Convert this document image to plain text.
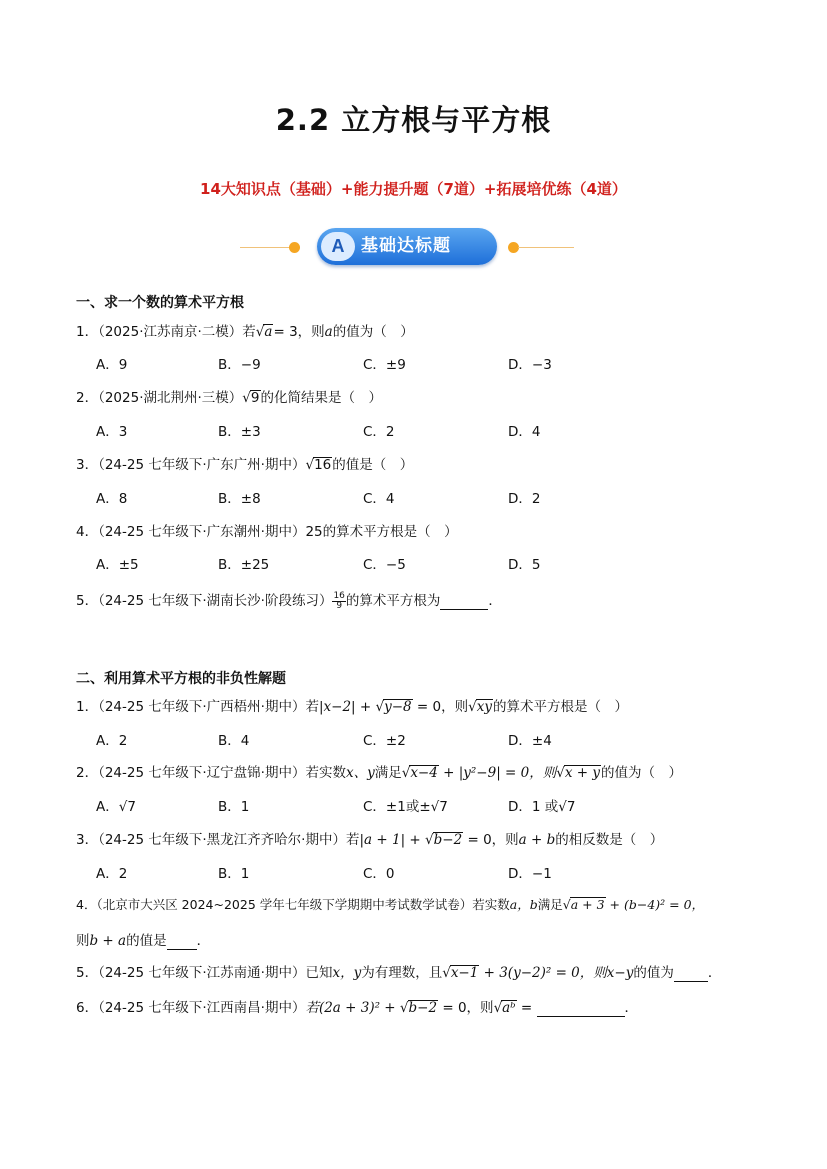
2.2 立方根与平方根
14大知识点（基础）+能力提升题（7道）+拓展培优练（4道）
A 基础达标题
一、求一个数的算术平方根
1．（2025·江苏南京·二模）若√a= 3，则a的值为（　）
A．9	B．−9	C．±9	D．−3
2．（2025·湖北荆州·三模）√9的化简结果是（　）
A．3	B．±3	C．2	D．4
3．（24-25 七年级下·广东广州·期中）√16的值是（　）
A．8	B．±8	C．4	D．2
4．（24-25 七年级下·广东潮州·期中）25的算术平方根是（　）
A．±5	B．±25	C．−5	D．5
5．（24-25 七年级下·湖南长沙·阶段练习） $\frac{16}{9}$ 的算术平方根为	．
二、利用算术平方根的非负性解题
1．（24-25 七年级下·广西梧州·期中）若|x−2| + √y−8 = 0，则√xy的算术平方根是（　）
A．2	B．4	C．±2	D．±4
2．（24-25 七年级下·辽宁盘锦·期中）若实数x、y满足√x−4 + |y²−9| = 0，则√x + y的值为（　）
A．√7	B．1	C．±1或±√7	D．1 或√7
3．（24-25 七年级下·黑龙江齐齐哈尔·期中）若|a + 1| + √b−2 = 0，则a + b的相反数是（　）
A．2	B．1	C．0	D．−1
4．（北京市大兴区 2024~2025 学年七年级下学期期中考试数学试卷）若实数a，b满足√a + 3 + (b−4)² = 0，
则b + a的值是 ．
5．（24-25 七年级下·江苏南通·期中）已知x，y为有理数，且√x−1 + 3(y−2)² = 0，则x−y的值为	．
6．（24-25 七年级下·江西南昌·期中）若(2a + 3)² + √b−2 = 0，则√aᵇ =	．
